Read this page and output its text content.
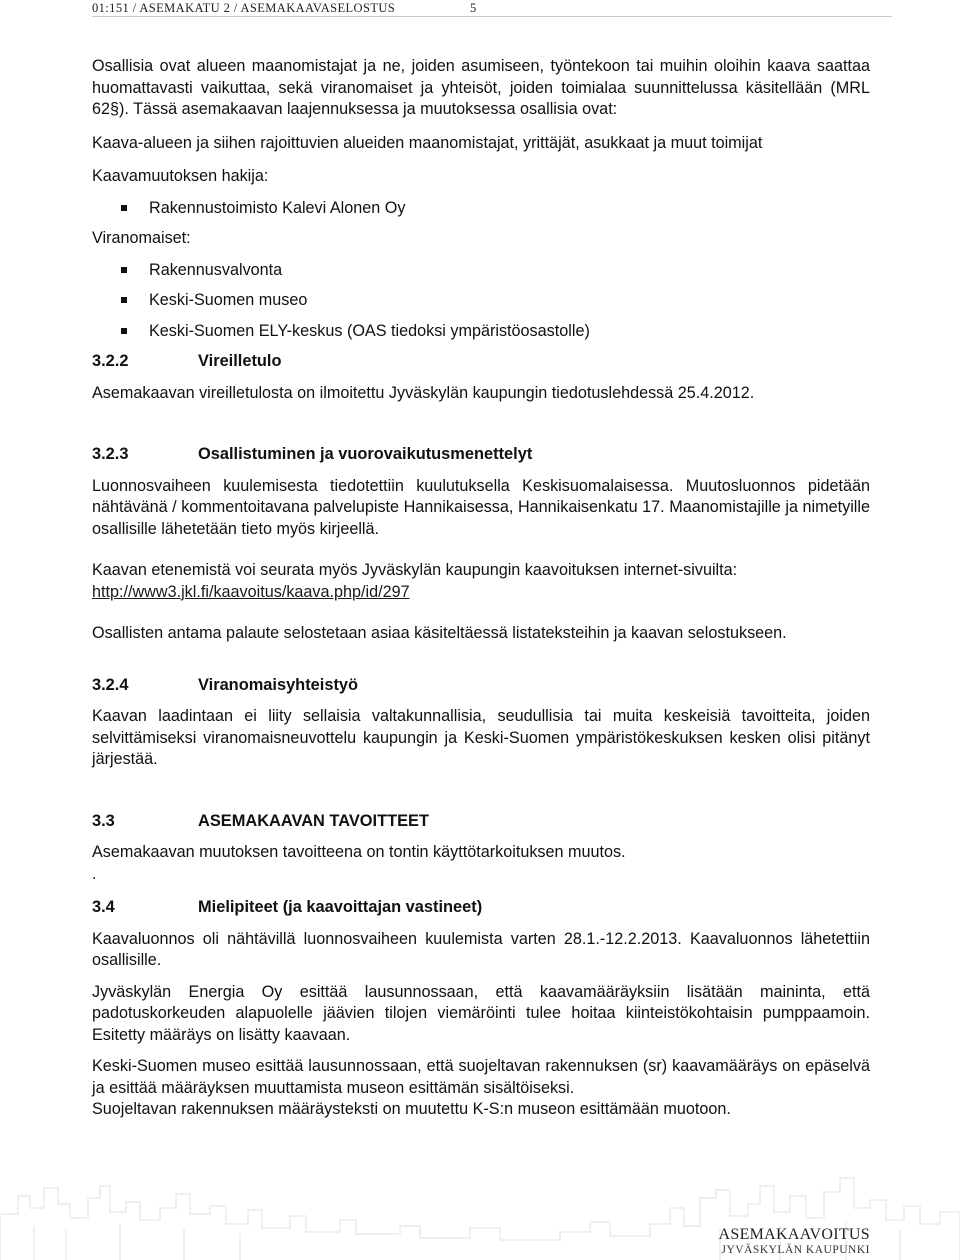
01:151 / ASEMAKATU 2 / ASEMAKAAVASELOSTUS	5

Osallisia ovat alueen maanomistajat ja ne, joiden asumiseen, työntekoon tai muihin oloihin kaava saattaa huomattavasti vaikuttaa, sekä viranomaiset ja yhteisöt, joiden toimialaa suunnittelussa käsitellään (MRL 62§). Tässä asemakaavan laajennuksessa ja muutoksessa osallisia ovat:

Kaava-alueen ja siihen rajoittuvien alueiden maanomistajat, yrittäjät, asukkaat ja muut toimijat

Kaavamuutoksen hakija:

Rakennustoimisto Kalevi Alonen Oy

Viranomaiset:

Rakennusvalvonta
Keski-Suomen museo
Keski-Suomen ELY-keskus (OAS tiedoksi ympäristöosastolle)
3.2.2	Vireilletulo

Asemakaavan vireilletulosta on ilmoitettu Jyväskylän kaupungin tiedotuslehdessä 25.4.2012.

3.2.3	Osallistuminen ja vuorovaikutusmenettelyt

Luonnosvaiheen kuulemisesta tiedotettiin kuulutuksella Keskisuomalaisessa. Muutosluonnos pidetään nähtävänä / kommentoitavana palvelupiste Hannikaisessa, Hannikaisenkatu 17. Maanomistajille ja nimetyille osallisille lähetetään tieto myös kirjeellä.

Kaavan etenemistä voi seurata myös Jyväskylän kaupungin kaavoituksen internet-sivuilta:

http://www3.jkl.fi/kaavoitus/kaava.php/id/297

Osallisten antama palaute selostetaan asiaa käsiteltäessä listateksteihin ja kaavan selostukseen.

3.2.4	Viranomaisyhteistyö

Kaavan laadintaan ei liity sellaisia valtakunnallisia, seudullisia tai muita keskeisiä tavoitteita, joiden selvittämiseksi viranomaisneuvottelu kaupungin ja Keski-Suomen ympäristökeskuksen kesken olisi pitänyt järjestää.

3.3	ASEMAKAAVAN TAVOITTEET

Asemakaavan muutoksen tavoitteena on tontin käyttötarkoituksen muutos.

.

3.4	Mielipiteet (ja kaavoittajan vastineet)

Kaavaluonnos oli nähtävillä luonnosvaiheen kuulemista varten 28.1.-12.2.2013. Kaavaluonnos lähetettiin osallisille.

Jyväskylän Energia Oy esittää lausunnossaan, että kaavamääräyksiin lisätään maininta, että padotuskorkeuden alapuolelle jäävien tilojen viemäröinti tulee hoitaa kiinteistökohtaisin pumppaamoin. Esitetty määräys on lisätty kaavaan.

Keski-Suomen museo esittää lausunnossaan, että suojeltavan rakennuksen (sr) kaavamääräys on epäselvä ja esittää määräyksen muuttamista museon esittämän sisältöiseksi.

Suojeltavan rakennuksen määräysteksti on muutettu K-S:n museon esittämään muotoon.

ASEMAKAAVOITUS
JYVÄSKYLÄN KAUPUNKI
